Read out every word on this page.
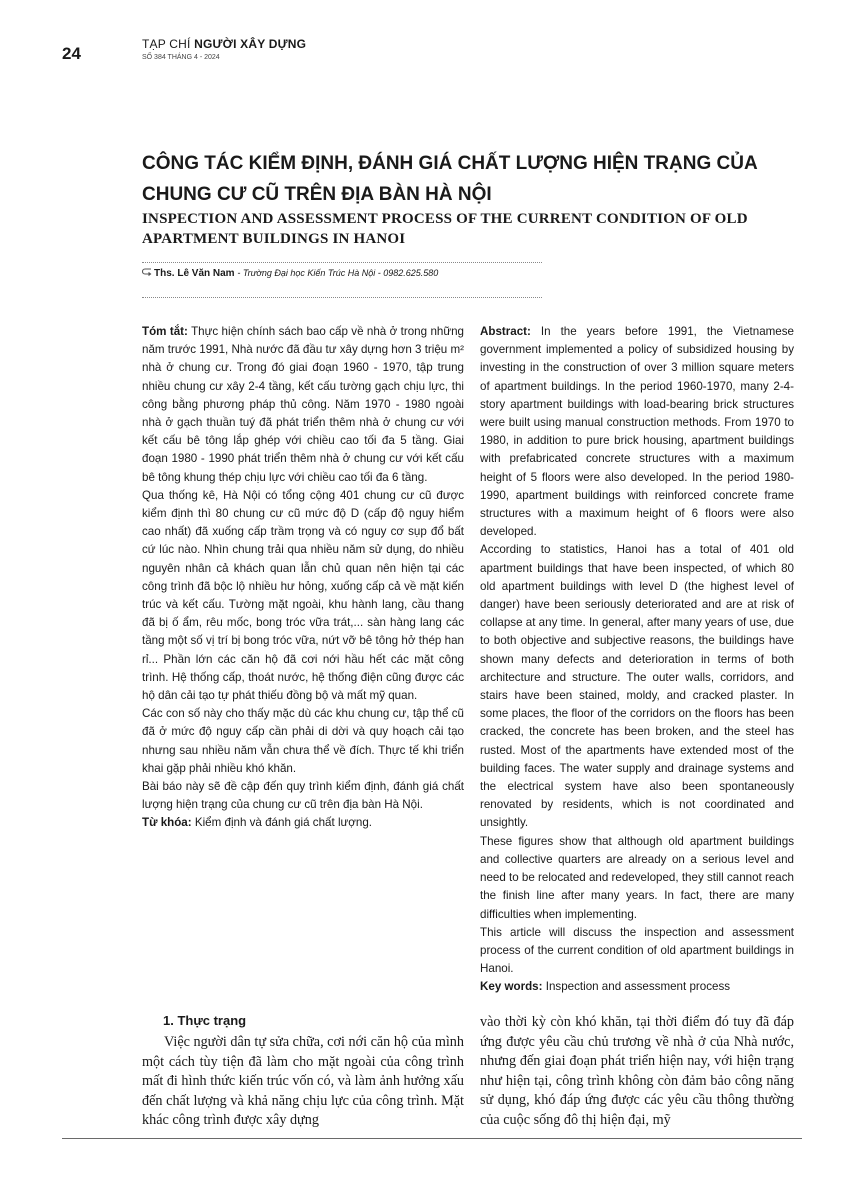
24	TẠP CHÍ NGƯỜI XÂY DỰNG
SỐ 384 THÁNG 4 - 2024
CÔNG TÁC KIỂM ĐỊNH, ĐÁNH GIÁ CHẤT LƯỢNG HIỆN TRẠNG CỦA CHUNG CƯ CŨ TRÊN ĐỊA BÀN HÀ NỘI
INSPECTION AND ASSESSMENT PROCESS OF THE CURRENT CONDITION OF OLD APARTMENT BUILDINGS IN HANOI
Ths. Lê Văn Nam - Trường Đại học Kiến Trúc Hà Nội - 0982.625.580

Tóm tắt: Thực hiện chính sách bao cấp về nhà ở trong những năm trước 1991, Nhà nước đã đầu tư xây dựng hơn 3 triệu m² nhà ở chung cư. Trong đó giai đoạn 1960 - 1970, tập trung nhiều chung cư xây 2-4 tầng, kết cấu tường gạch chịu lực, thi công bằng phương pháp thủ công. Năm 1970 - 1980 ngoài nhà ở gạch thuần tuý đã phát triển thêm nhà ở chung cư với kết cấu bê tông lắp ghép với chiều cao tối đa 5 tầng. Giai đoạn 1980 - 1990 phát triển thêm nhà ở chung cư với kết cấu bê tông khung thép chịu lực với chiều cao tối đa 6 tầng.

Qua thống kê, Hà Nội có tổng cộng 401 chung cư cũ được kiểm định thì 80 chung cư cũ mức độ D (cấp độ nguy hiểm cao nhất) đã xuống cấp trầm trọng và có nguy cơ sụp đổ bất cứ lúc nào. Nhìn chung trải qua nhiều năm sử dụng, do nhiều nguyên nhân cả khách quan lẫn chủ quan nên hiện tại các công trình đã bộc lộ nhiều hư hỏng, xuống cấp cả về mặt kiến trúc và kết cấu. Tường mặt ngoài, khu hành lang, cầu thang đã bị ố ẩm, rêu mốc, bong tróc vữa trát,... sàn hàng lang các tầng một số vị trí bị bong tróc vữa, nứt vỡ bê tông hở thép han rỉ... Phần lớn các căn hộ đã cơi nới hầu hết các mặt công trình. Hệ thống cấp, thoát nước, hệ thống điện cũng được các hộ dân cải tạo tự phát thiếu đồng bộ và mất mỹ quan.

Các con số này cho thấy mặc dù các khu chung cư, tập thể cũ đã ở mức độ nguy cấp cần phải di dời và quy hoạch cải tạo nhưng sau nhiều năm vẫn chưa thể về đích. Thực tế khi triển khai gặp phải nhiều khó khăn.

Bài báo này sẽ đề cập đến quy trình kiểm định, đánh giá chất lượng hiện trạng của chung cư cũ trên địa bàn Hà Nội.

Từ khóa: Kiểm định và đánh giá chất lượng.

Abstract: In the years before 1991, the Vietnamese government implemented a policy of subsidized housing by investing in the construction of over 3 million square meters of apartment buildings. In the period 1960-1970, many 2-4-story apartment buildings with load-bearing brick structures were built using manual construction methods. From 1970 to 1980, in addition to pure brick housing, apartment buildings with prefabricated concrete structures with a maximum height of 5 floors were also developed. In the period 1980-1990, apartment buildings with reinforced concrete frame structures with a maximum height of 6 floors were also developed.

According to statistics, Hanoi has a total of 401 old apartment buildings that have been inspected, of which 80 old apartment buildings with level D (the highest level of danger) have been seriously deteriorated and are at risk of collapse at any time. In general, after many years of use, due to both objective and subjective reasons, the buildings have shown many defects and deterioration in terms of both architecture and structure. The outer walls, corridors, and stairs have been stained, moldy, and cracked plaster. In some places, the floor of the corridors on the floors has been cracked, the concrete has been broken, and the steel has rusted. Most of the apartments have extended most of the building faces. The water supply and drainage systems and the electrical system have also been spontaneously renovated by residents, which is not coordinated and unsightly.

These figures show that although old apartment buildings and collective quarters are already on a serious level and need to be relocated and redeveloped, they still cannot reach the finish line after many years. In fact, there are many difficulties when implementing.

This article will discuss the inspection and assessment process of the current condition of old apartment buildings in Hanoi.

Key words: Inspection and assessment process

1. Thực trạng

Việc người dân tự sửa chữa, cơi nới căn hộ của mình một cách tùy tiện đã làm cho mặt ngoài của công trình mất đi hình thức kiến trúc vốn có, và làm ảnh hưởng xấu đến chất lượng và khả năng chịu lực của công trình. Mặt khác công trình được xây dựng

vào thời kỳ còn khó khăn, tại thời điểm đó tuy đã đáp ứng được yêu cầu chủ trương về nhà ở của Nhà nước, nhưng đến giai đoạn phát triển hiện nay, với hiện trạng như hiện tại, công trình không còn đảm bảo công năng sử dụng, khó đáp ứng được các yêu cầu thông thường của cuộc sống đô thị hiện đại, mỹ
